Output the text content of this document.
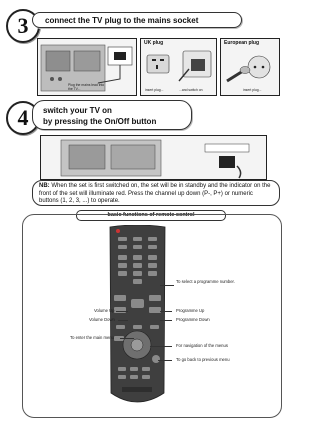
3	connect the TV plug to the mains socket
Plug the mains lead into the TV...
UK plug
insert plug...	...and switch on
European plug
insert plug...
4 switch your TV on
by pressing the On/Off button
NB: When the set is first switched on, the set will be in standby and the indicator on the front of the set will illuminate red. Press the channel up down (P-, P+) or numeric buttons (1, 2, 3, ...) to operate.
basic functions of remote control
To select a programme number.
Volume Up
Volume Down
Programme Up
Programme Down
To enter the main menu
For navigation of the menus
To go back to previous menu
